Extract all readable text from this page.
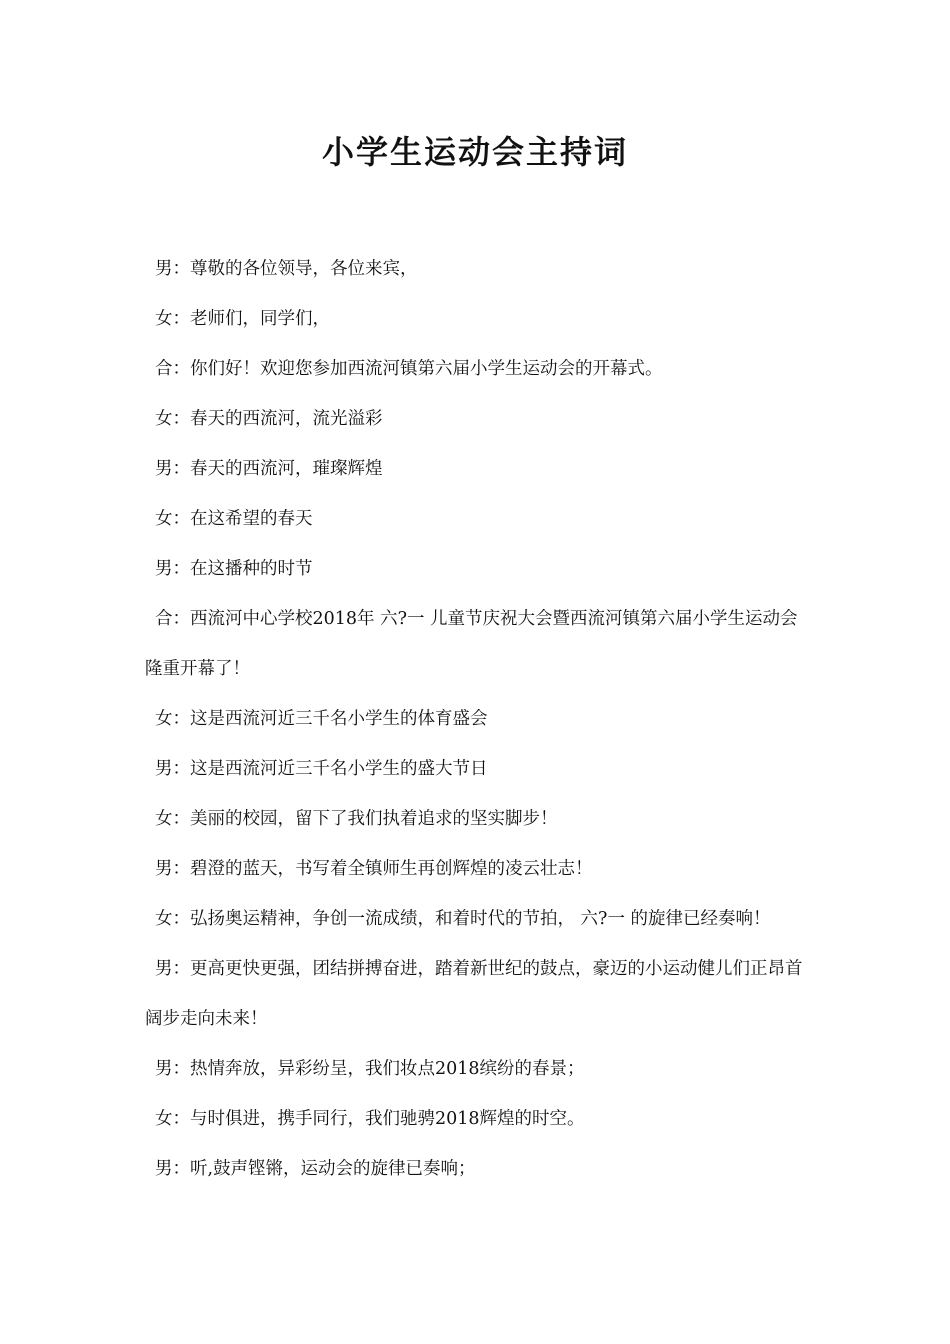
小学生运动会主持词

男：尊敬的各位领导，各位来宾，

女：老师们，同学们，

合：你们好！欢迎您参加西流河镇第六届小学生运动会的开幕式。

女：春天的西流河，流光溢彩

男：春天的西流河，璀璨辉煌

女：在这希望的春天

男：在这播种的时节

合：西流河中心学校2018年 六?一 儿童节庆祝大会暨西流河镇第六届小学生运动会隆重开幕了！

女：这是西流河近三千名小学生的体育盛会

男：这是西流河近三千名小学生的盛大节日

女：美丽的校园，留下了我们执着追求的坚实脚步！

男：碧澄的蓝天，书写着全镇师生再创辉煌的凌云壮志！

女：弘扬奥运精神，争创一流成绩，和着时代的节拍， 六?一 的旋律已经奏响！

男：更高更快更强，团结拼搏奋进，踏着新世纪的鼓点，豪迈的小运动健儿们正昂首阔步走向未来！

男：热情奔放，异彩纷呈，我们妆点2018缤纷的春景；

女：与时俱进，携手同行，我们驰骋2018辉煌的时空。

男：听,鼓声铿锵，运动会的旋律已奏响；
